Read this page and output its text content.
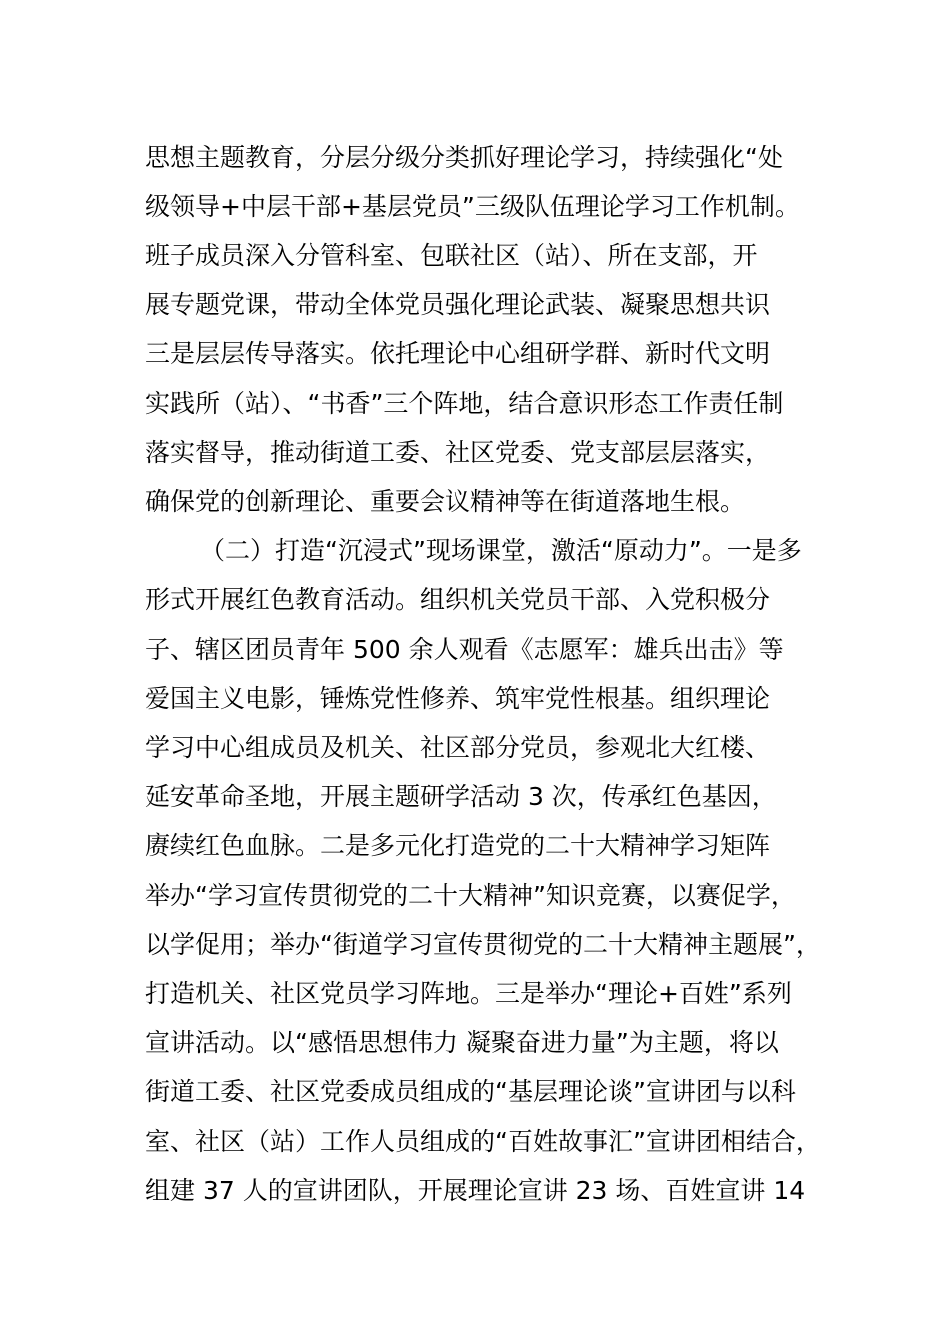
思想主题教育，分层分级分类抓好理论学习，持续强化“处
级领导+中层干部+基层党员”三级队伍理论学习工作机制。
班子成员深入分管科室、包联社区（站）、所在支部，开
展专题党课，带动全体党员强化理论武装、凝聚思想共识
三是层层传导落实。依托理论中心组研学群、新时代文明
实践所（站）、“书香”三个阵地，结合意识形态工作责任制
落实督导，推动街道工委、社区党委、党支部层层落实，
确保党的创新理论、重要会议精神等在街道落地生根。
（二）打造“沉浸式”现场课堂，激活“原动力”。一是多
形式开展红色教育活动。组织机关党员干部、入党积极分
子、辖区团员青年 500 余人观看《志愿军：雄兵出击》等
爱国主义电影，锤炼党性修养、筑牢党性根基。组织理论
学习中心组成员及机关、社区部分党员，参观北大红楼、
延安革命圣地，开展主题研学活动 3 次，传承红色基因，
赓续红色血脉。二是多元化打造党的二十大精神学习矩阵
举办“学习宣传贯彻党的二十大精神”知识竞赛，以赛促学，
以学促用；举办“街道学习宣传贯彻党的二十大精神主题展”，
打造机关、社区党员学习阵地。三是举办“理论+百姓”系列
宣讲活动。以“感悟思想伟力 凝聚奋进力量”为主题，将以
街道工委、社区党委成员组成的“基层理论谈”宣讲团与以科
室、社区（站）工作人员组成的“百姓故事汇”宣讲团相结合，
组建 37 人的宣讲团队，开展理论宣讲 23 场、百姓宣讲 14
